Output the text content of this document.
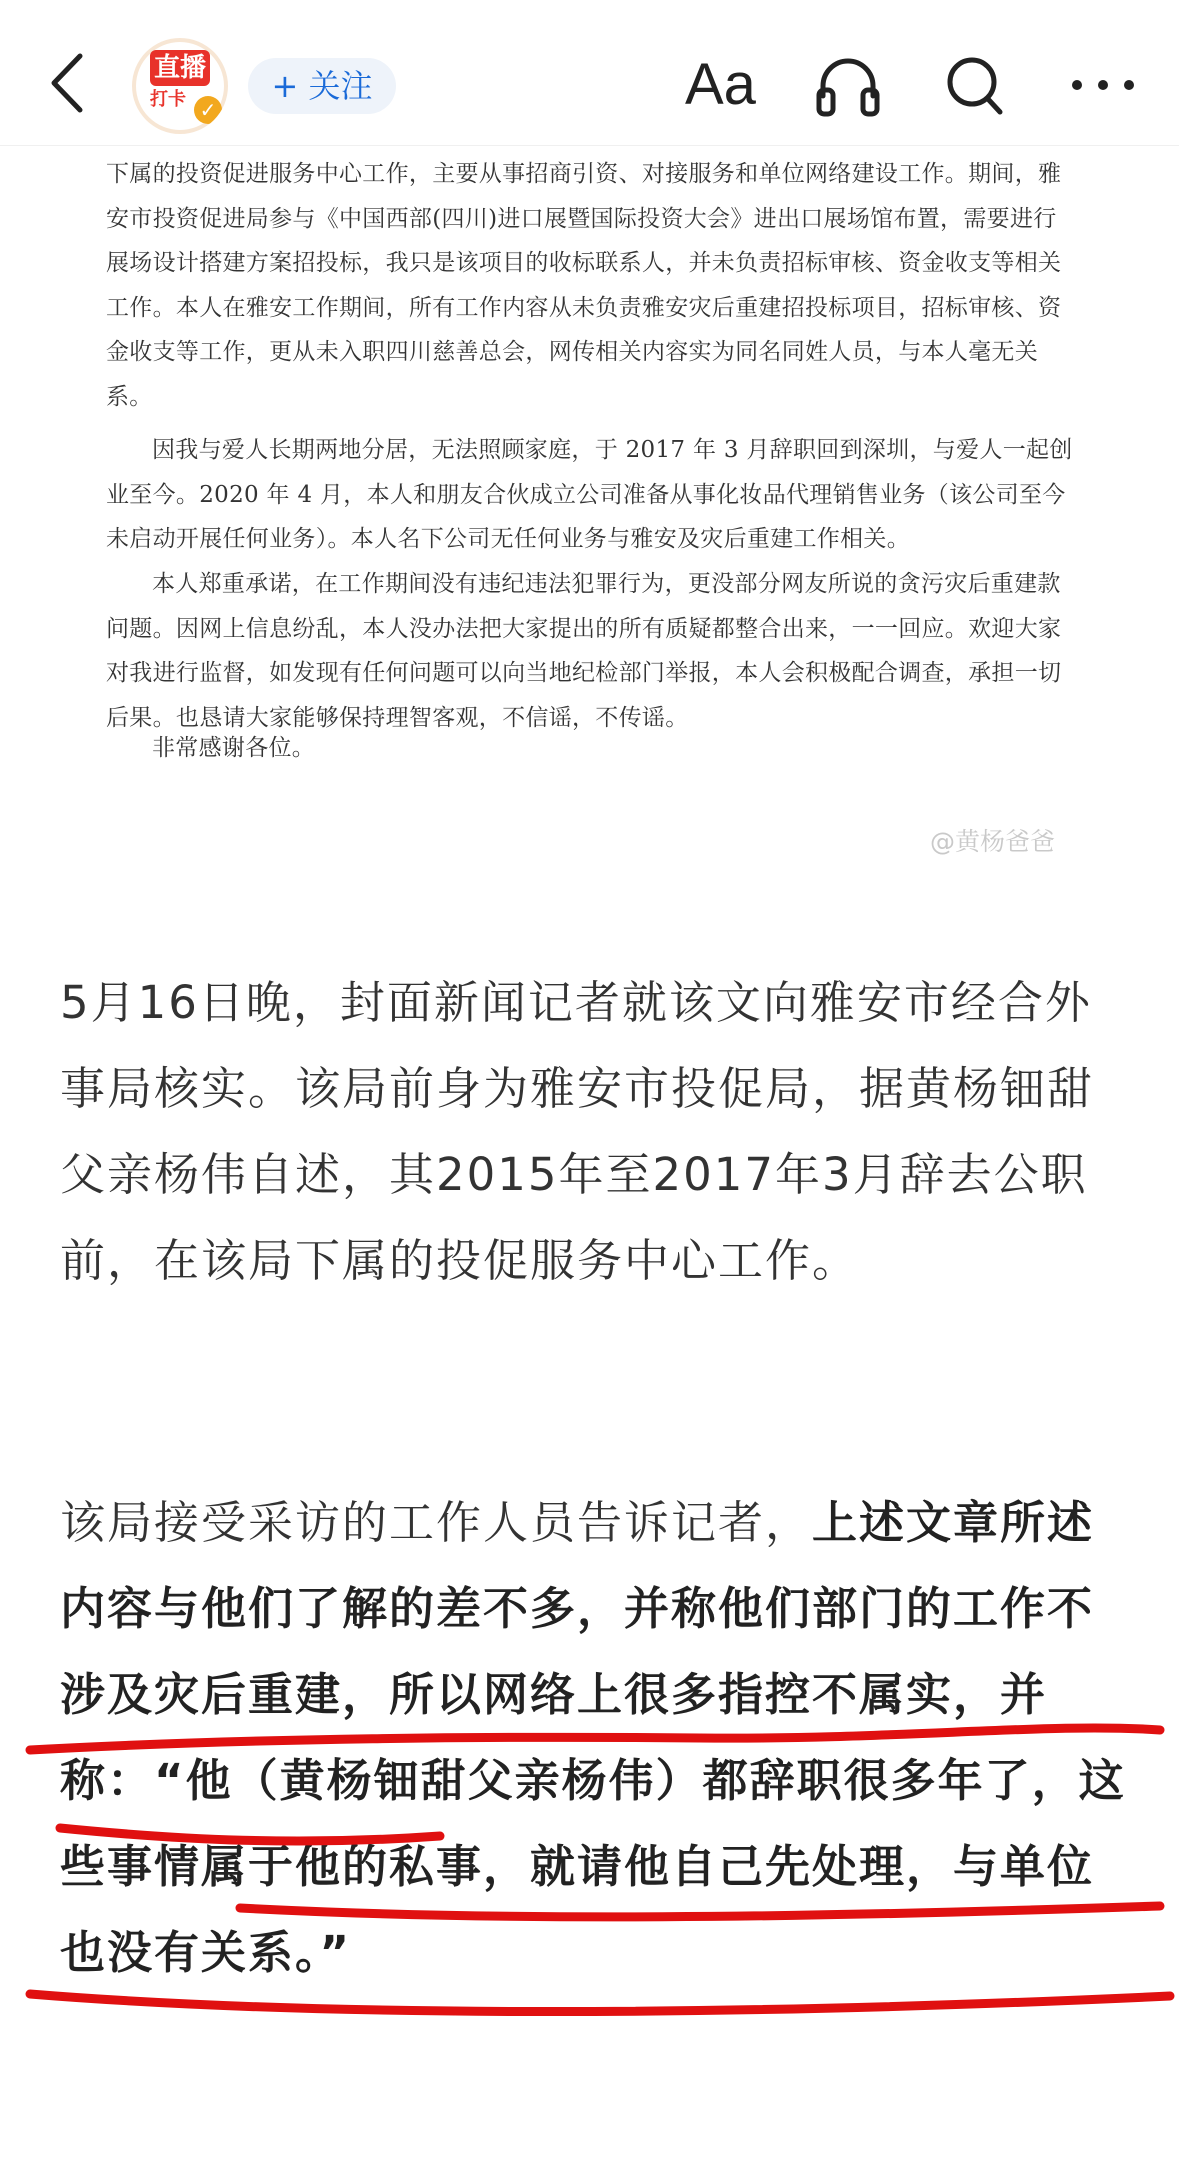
直播
打卡 ✓
+ 关注	Aa

下属的投资促进服务中心工作，主要从事招商引资、对接服务和单位网络建设工作。期间，雅安市投资促进局参与《中国西部(四川)进口展暨国际投资大会》进出口展场馆布置，需要进行展场设计搭建方案招投标，我只是该项目的收标联系人，并未负责招标审核、资金收支等相关工作。本人在雅安工作期间，所有工作内容从未负责雅安灾后重建招投标项目，招标审核、资金收支等工作，更从未入职四川慈善总会，网传相关内容实为同名同姓人员，与本人毫无关系。

因我与爱人长期两地分居，无法照顾家庭，于 2017 年 3 月辞职回到深圳，与爱人一起创业至今。2020 年 4 月，本人和朋友合伙成立公司准备从事化妆品代理销售业务（该公司至今未启动开展任何业务）。本人名下公司无任何业务与雅安及灾后重建工作相关。

本人郑重承诺，在工作期间没有违纪违法犯罪行为，更没部分网友所说的贪污灾后重建款问题。因网上信息纷乱，本人没办法把大家提出的所有质疑都整合出来，一一回应。欢迎大家对我进行监督，如发现有任何问题可以向当地纪检部门举报，本人会积极配合调查，承担一切后果。也恳请大家能够保持理智客观，不信谣，不传谣。

非常感谢各位。

@黄杨爸爸

5月16日晚，封面新闻记者就该文向雅安市经合外事局核实。该局前身为雅安市投促局，据黄杨钿甜父亲杨伟自述，其2015年至2017年3月辞去公职前，在该局下属的投促服务中心工作。

该局接受采访的工作人员告诉记者，上述文章所述内容与他们了解的差不多，并称他们部门的工作不涉及灾后重建，所以网络上很多指控不属实，并称：“他（黄杨钿甜父亲杨伟）都辞职很多年了，这些事情属于他的私事，就请他自己先处理，与单位也没有关系。”
